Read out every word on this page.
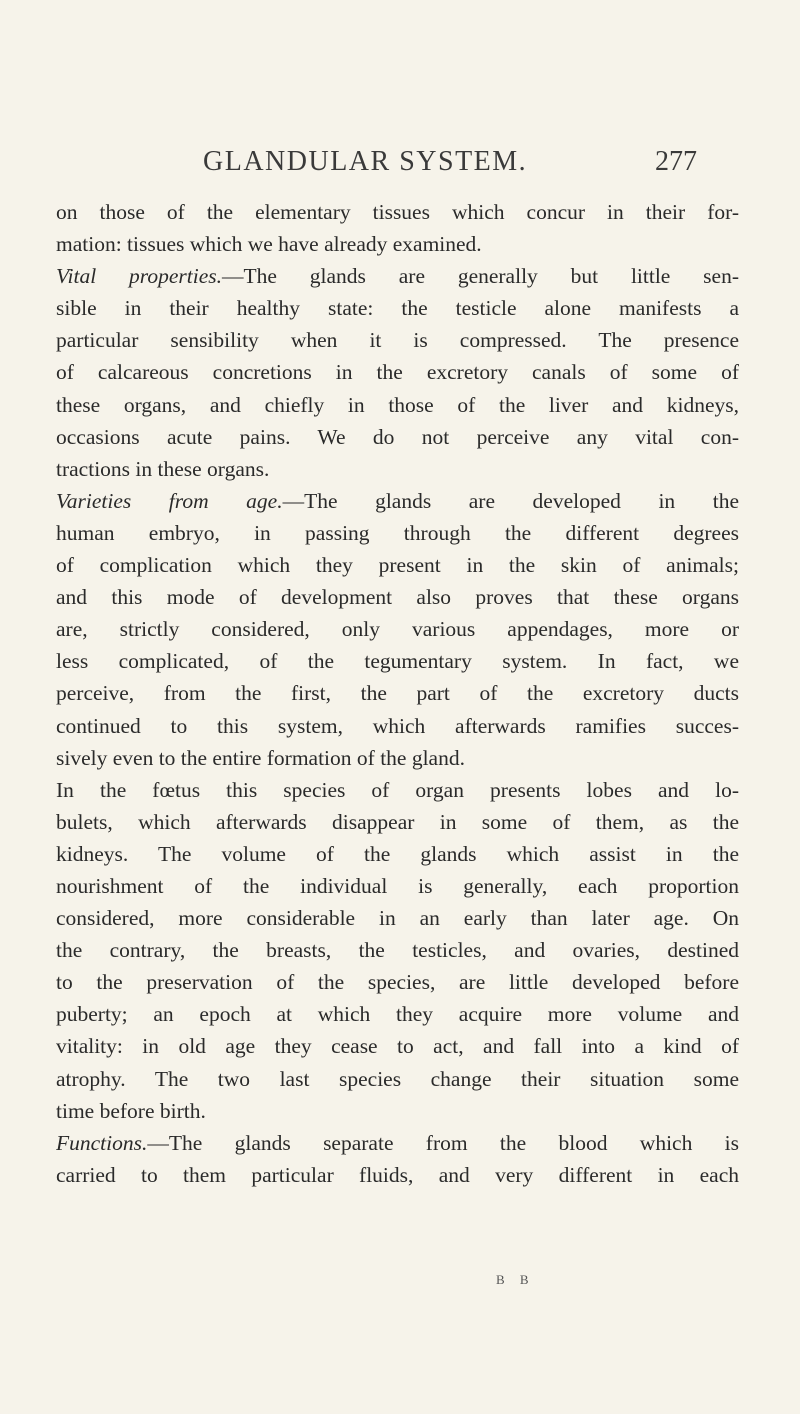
GLANDULAR SYSTEM.	277
on those of the elementary tissues which concur in their for-
mation: tissues which we have already examined.
Vital properties.—The glands are generally but little sen-
sible in their healthy state: the testicle alone manifests a
particular sensibility when it is compressed. The presence
of calcareous concretions in the excretory canals of some of
these organs, and chiefly in those of the liver and kidneys,
occasions acute pains. We do not perceive any vital con-
tractions in these organs.
Varieties from age.—The glands are developed in the
human embryo, in passing through the different degrees
of complication which they present in the skin of animals;
and this mode of development also proves that these organs
are, strictly considered, only various appendages, more or
less complicated, of the tegumentary system. In fact, we
perceive, from the first, the part of the excretory ducts
continued to this system, which afterwards ramifies succes-
sively even to the entire formation of the gland.
In the fœtus this species of organ presents lobes and lo-
bulets, which afterwards disappear in some of them, as the
kidneys. The volume of the glands which assist in the
nourishment of the individual is generally, each proportion
considered, more considerable in an early than later age. On
the contrary, the breasts, the testicles, and ovaries, destined
to the preservation of the species, are little developed before
puberty; an epoch at which they acquire more volume and
vitality: in old age they cease to act, and fall into a kind of
atrophy. The two last species change their situation some
time before birth.
Functions.—The glands separate from the blood which is
carried to them particular fluids, and very different in each
B B
